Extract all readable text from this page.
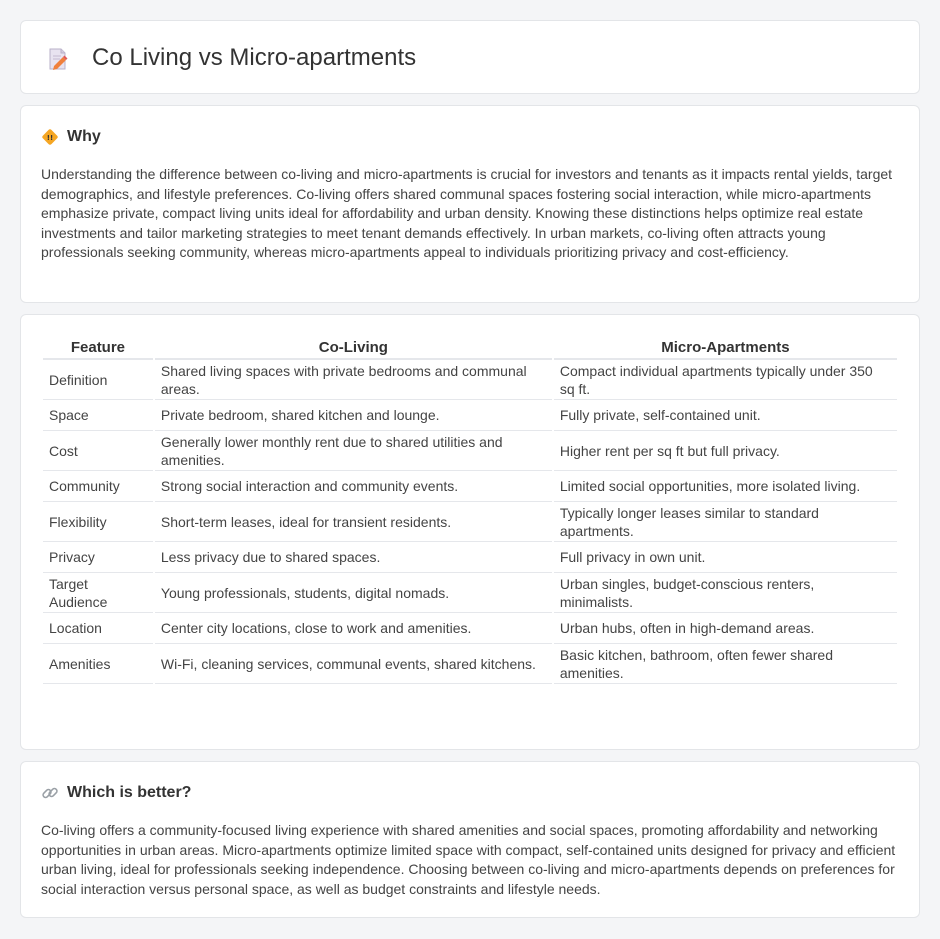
Co Living vs Micro-apartments
!! Why

Understanding the difference between co-living and micro-apartments is crucial for investors and tenants as it impacts rental yields, target demographics, and lifestyle preferences. Co-living offers shared communal spaces fostering social interaction, while micro-apartments emphasize private, compact living units ideal for affordability and urban density. Knowing these distinctions helps optimize real estate investments and tailor marketing strategies to meet tenant demands effectively. In urban markets, co-living often attracts young professionals seeking community, whereas micro-apartments appeal to individuals prioritizing privacy and cost-efficiency.

Feature	Co-Living	Micro-Apartments
Definition	Shared living spaces with private bedrooms and communal areas.	Compact individual apartments typically under 350 sq ft.
Space	Private bedroom, shared kitchen and lounge.	Fully private, self-contained unit.
Cost	Generally lower monthly rent due to shared utilities and amenities.	Higher rent per sq ft but full privacy.
Community	Strong social interaction and community events.	Limited social opportunities, more isolated living.
Flexibility	Short-term leases, ideal for transient residents.	Typically longer leases similar to standard apartments.
Privacy	Less privacy due to shared spaces.	Full privacy in own unit.
Target Audience	Young professionals, students, digital nomads.	Urban singles, budget-conscious renters, minimalists.
Location	Center city locations, close to work and amenities.	Urban hubs, often in high-demand areas.
Amenities	Wi-Fi, cleaning services, communal events, shared kitchens.	Basic kitchen, bathroom, often fewer shared amenities.
Which is better?

Co-living offers a community-focused living experience with shared amenities and social spaces, promoting affordability and networking opportunities in urban areas. Micro-apartments optimize limited space with compact, self-contained units designed for privacy and efficient urban living, ideal for professionals seeking independence. Choosing between co-living and micro-apartments depends on preferences for social interaction versus personal space, as well as budget constraints and lifestyle needs.
